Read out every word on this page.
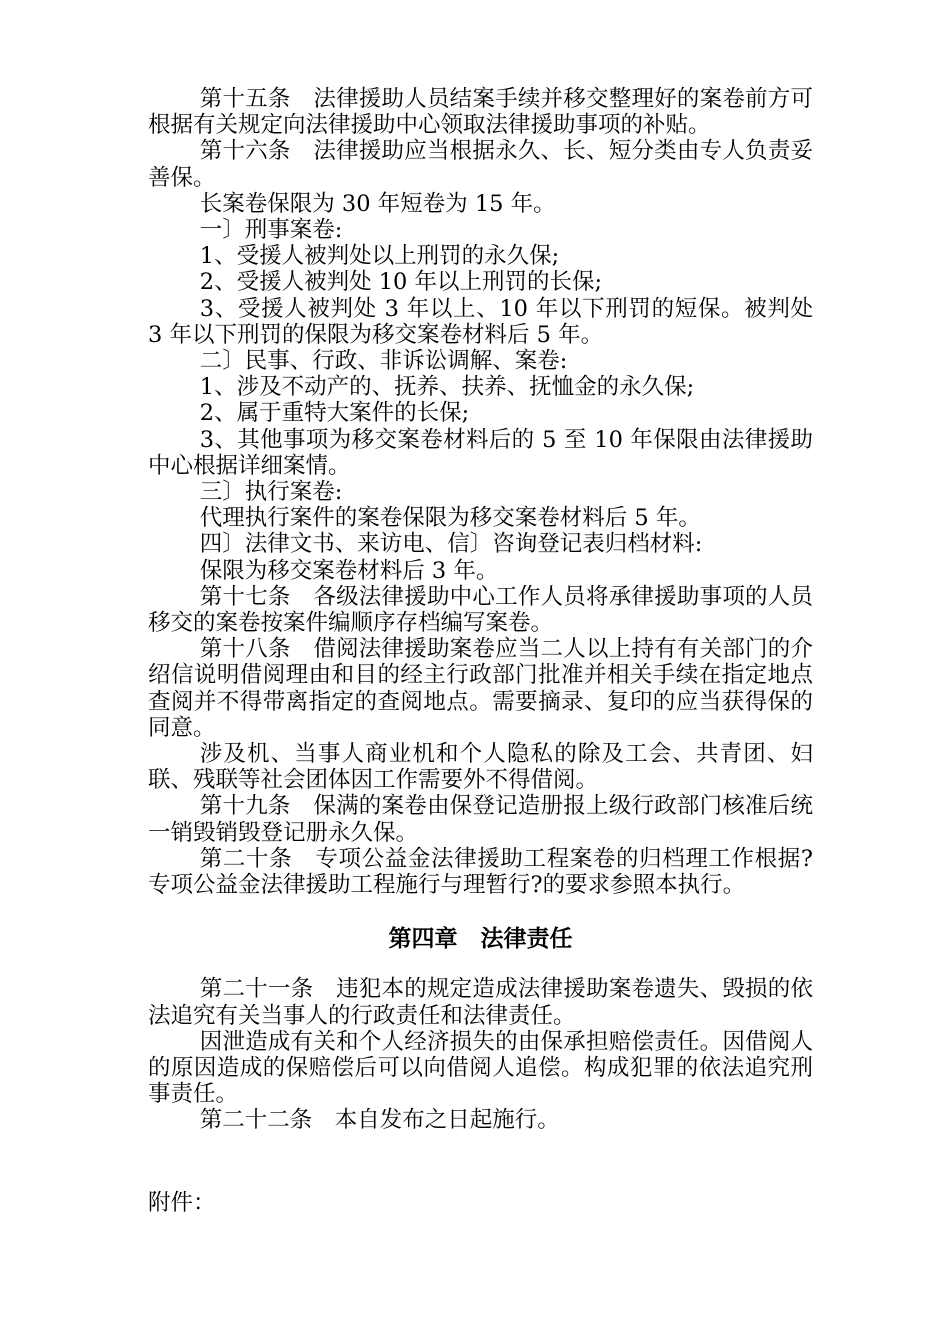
第十五条　法律援助人员结案手续并移交整理好的案卷前方可根据有关规定向法律援助中心领取法律援助事项的补贴。

第十六条　法律援助应当根据永久、长、短分类由专人负责妥善保。

长案卷保限为 30 年短卷为 15 年。

一〕刑事案卷:

1、受援人被判处以上刑罚的永久保;

2、受援人被判处 10 年以上刑罚的长保;

3、受援人被判处 3 年以上、10 年以下刑罚的短保。被判处 3 年以下刑罚的保限为移交案卷材料后 5 年。

二〕民事、行政、非诉讼调解、案卷:

1、涉及不动产的、抚养、扶养、抚恤金的永久保;

2、属于重特大案件的长保;

3、其他事项为移交案卷材料后的 5 至 10 年保限由法律援助中心根据详细案情。

三〕执行案卷:

代理执行案件的案卷保限为移交案卷材料后 5 年。

四〕法律文书、来访电、信〕咨询登记表归档材料:

保限为移交案卷材料后 3 年。

第十七条　各级法律援助中心工作人员将承律援助事项的人员移交的案卷按案件编顺序存档编写案卷。

第十八条　借阅法律援助案卷应当二人以上持有有关部门的介绍信说明借阅理由和目的经主行政部门批准并相关手续在指定地点查阅并不得带离指定的查阅地点。需要摘录、复印的应当获得保的同意。

涉及机、当事人商业机和个人隐私的除及工会、共青团、妇联、残联等社会团体因工作需要外不得借阅。

第十九条　保满的案卷由保登记造册报上级行政部门核准后统一销毁销毁登记册永久保。

第二十条　专项公益金法律援助工程案卷的归档理工作根据?专项公益金法律援助工程施行与理暂行?的要求参照本执行。

第四章　法律责任

第二十一条　违犯本的规定造成法律援助案卷遗失、毁损的依法追究有关当事人的行政责任和法律责任。

因泄造成有关和个人经济损失的由保承担赔偿责任。因借阅人的原因造成的保赔偿后可以向借阅人追偿。构成犯罪的依法追究刑事责任。

第二十二条　本自发布之日起施行。

附件：
